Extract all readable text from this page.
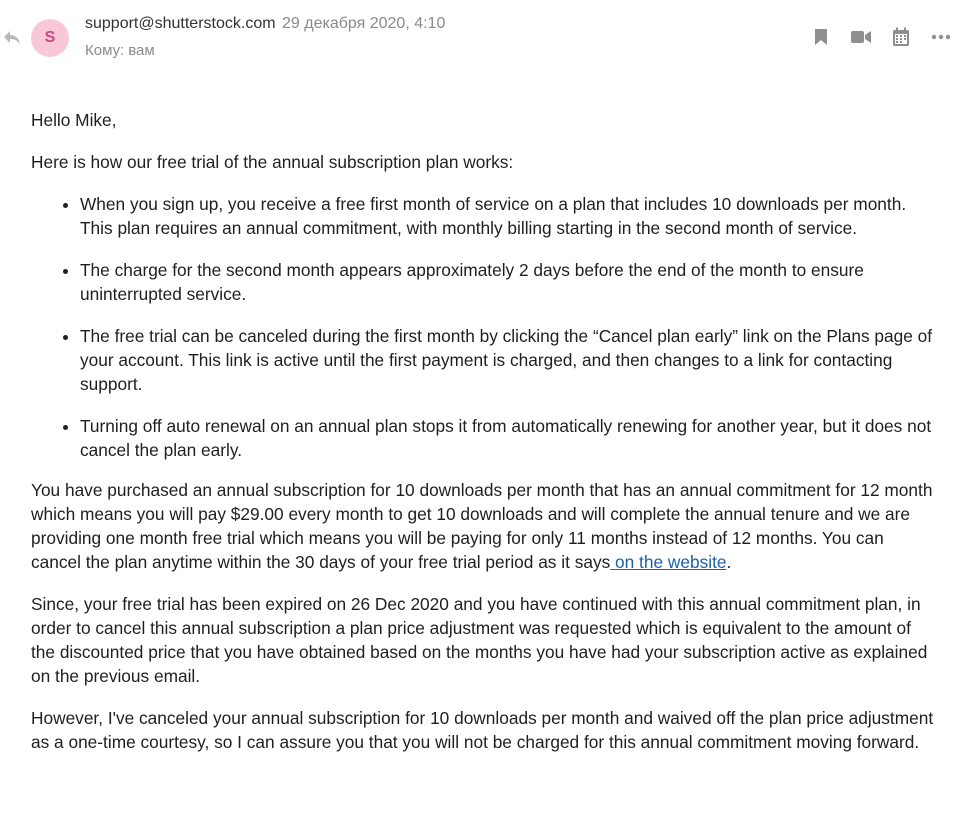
S
support@shutterstock.com 29 декабря 2020, 4:10
Кому: вам

Hello Mike,

Here is how our free trial of the annual subscription plan works:

• When you sign up, you receive a free first month of service on a plan that includes 10 downloads per month. This plan requires an annual commitment, with monthly billing starting in the second month of service.
• The charge for the second month appears approximately 2 days before the end of the month to ensure uninterrupted service.
• The free trial can be canceled during the first month by clicking the “Cancel plan early” link on the Plans page of your account. This link is active until the first payment is charged, and then changes to a link for contacting support.
• Turning off auto renewal on an annual plan stops it from automatically renewing for another year, but it does not cancel the plan early.

You have purchased an annual subscription for 10 downloads per month that has an annual commitment for 12 month which means you will pay $29.00 every month to get 10 downloads and will complete the annual tenure and we are providing one month free trial which means you will be paying for only 11 months instead of 12 months. You can cancel the plan anytime within the 30 days of your free trial period as it says on the website.

Since, your free trial has been expired on 26 Dec 2020 and you have continued with this annual commitment plan, in order to cancel this annual subscription a plan price adjustment was requested which is equivalent to the amount of the discounted price that you have obtained based on the months you have had your subscription active as explained on the previous email.

However, I've canceled your annual subscription for 10 downloads per month and waived off the plan price adjustment as a one-time courtesy, so I can assure you that you will not be charged for this annual commitment moving forward.
